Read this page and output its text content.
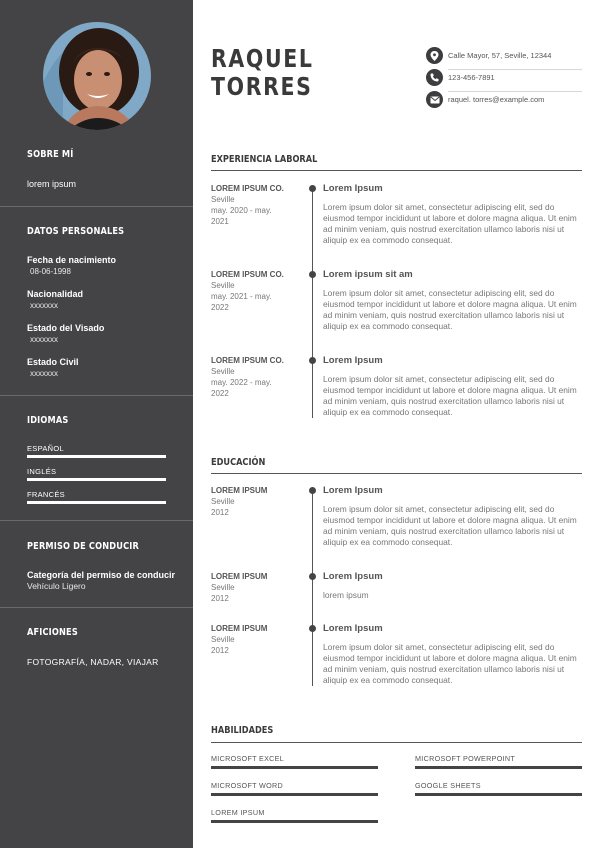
SOBRE MÍ
lorem ipsum
DATOS PERSONALES
Fecha de nacimiento
08-06-1998
Nacionalidad
xxxxxxx
Estado del Visado
xxxxxxx
Estado Civil
xxxxxxx
IDIOMAS
ESPAÑOL
INGLÉS
FRANCÉS
PERMISO DE CONDUCIR
Categoría del permiso de conducir
Vehículo Ligero
AFICIONES
FOTOGRAFÍA, NADAR, VIAJAR
RAQUEL
TORRES
Calle Mayor, 57, Seville, 12344
123-456-7891
raquel. torres@example.com
EXPERIENCIA LABORAL
LOREM IPSUM CO.
Seville
may. 2020 - may.
2021
Lorem Ipsum
Lorem ipsum dolor sit amet, consectetur adipiscing elit, sed do eiusmod tempor incididunt ut labore et dolore magna aliqua. Ut enim ad minim veniam, quis nostrud exercitation ullamco laboris nisi ut aliquip ex ea commodo consequat.
LOREM IPSUM CO.
Seville
may. 2021 - may.
2022
Lorem ipsum sit am
Lorem ipsum dolor sit amet, consectetur adipiscing elit, sed do eiusmod tempor incididunt ut labore et dolore magna aliqua. Ut enim ad minim veniam, quis nostrud exercitation ullamco laboris nisi ut aliquip ex ea commodo consequat.
LOREM IPSUM CO.
Seville
may. 2022 - may.
2022
Lorem Ipsum
Lorem ipsum dolor sit amet, consectetur adipiscing elit, sed do eiusmod tempor incididunt ut labore et dolore magna aliqua. Ut enim ad minim veniam, quis nostrud exercitation ullamco laboris nisi ut aliquip ex ea commodo consequat.
EDUCACIÓN
LOREM IPSUM
Seville
2012
Lorem Ipsum
Lorem ipsum dolor sit amet, consectetur adipiscing elit, sed do eiusmod tempor incididunt ut labore et dolore magna aliqua. Ut enim ad minim veniam, quis nostrud exercitation ullamco laboris nisi ut aliquip ex ea commodo consequat.
LOREM IPSUM
Seville
2012
Lorem Ipsum
lorem ipsum
LOREM IPSUM
Seville
2012
Lorem Ipsum
Lorem ipsum dolor sit amet, consectetur adipiscing elit, sed do eiusmod tempor incididunt ut labore et dolore magna aliqua. Ut enim ad minim veniam, quis nostrud exercitation ullamco laboris nisi ut aliquip ex ea commodo consequat.
HABILIDADES
MICROSOFT EXCEL	MICROSOFT POWERPOINT
MICROSOFT WORD	GOOGLE SHEETS
LOREM IPSUM
